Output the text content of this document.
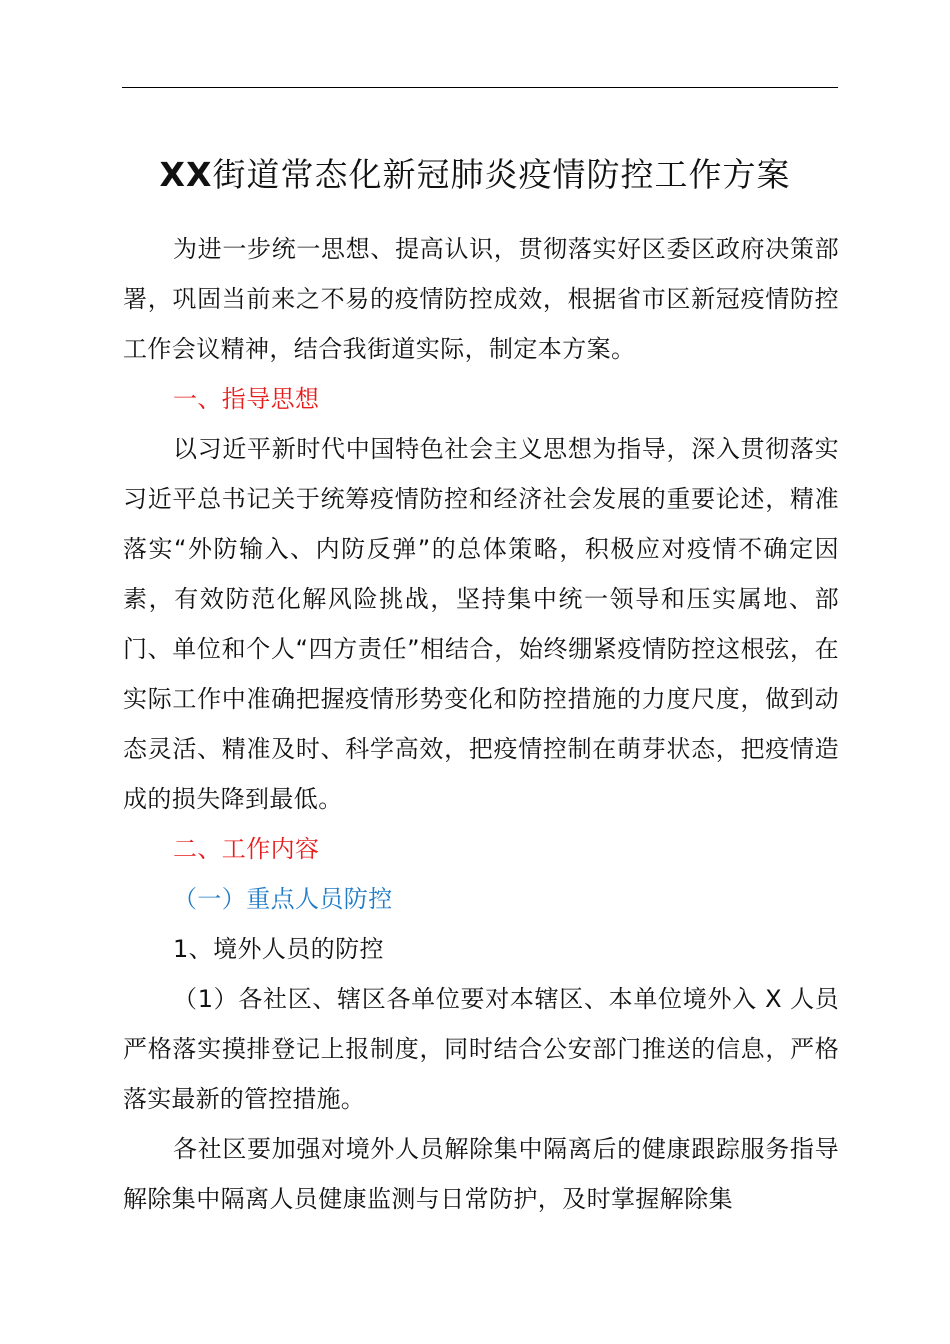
XX街道常态化新冠肺炎疫情防控工作方案

为进一步统一思想、提高认识，贯彻落实好区委区政府决策部署，巩固当前来之不易的疫情防控成效，根据省市区新冠疫情防控工作会议精神，结合我街道实际，制定本方案。

一、指导思想

以习近平新时代中国特色社会主义思想为指导，深入贯彻落实习近平总书记关于统筹疫情防控和经济社会发展的重要论述，精准落实“外防输入、内防反弹”的总体策略，积极应对疫情不确定因素，有效防范化解风险挑战，坚持集中统一领导和压实属地、部门、单位和个人“四方责任”相结合，始终绷紧疫情防控这根弦，在实际工作中准确把握疫情形势变化和防控措施的力度尺度，做到动态灵活、精准及时、科学高效，把疫情控制在萌芽状态，把疫情造成的损失降到最低。

二、工作内容

（一）重点人员防控

1、境外人员的防控

（1）各社区、辖区各单位要对本辖区、本单位境外入 X 人员严格落实摸排登记上报制度，同时结合公安部门推送的信息，严格落实最新的管控措施。

各社区要加强对境外人员解除集中隔离后的健康跟踪服务指导解除集中隔离人员健康监测与日常防护，及时掌握解除集
